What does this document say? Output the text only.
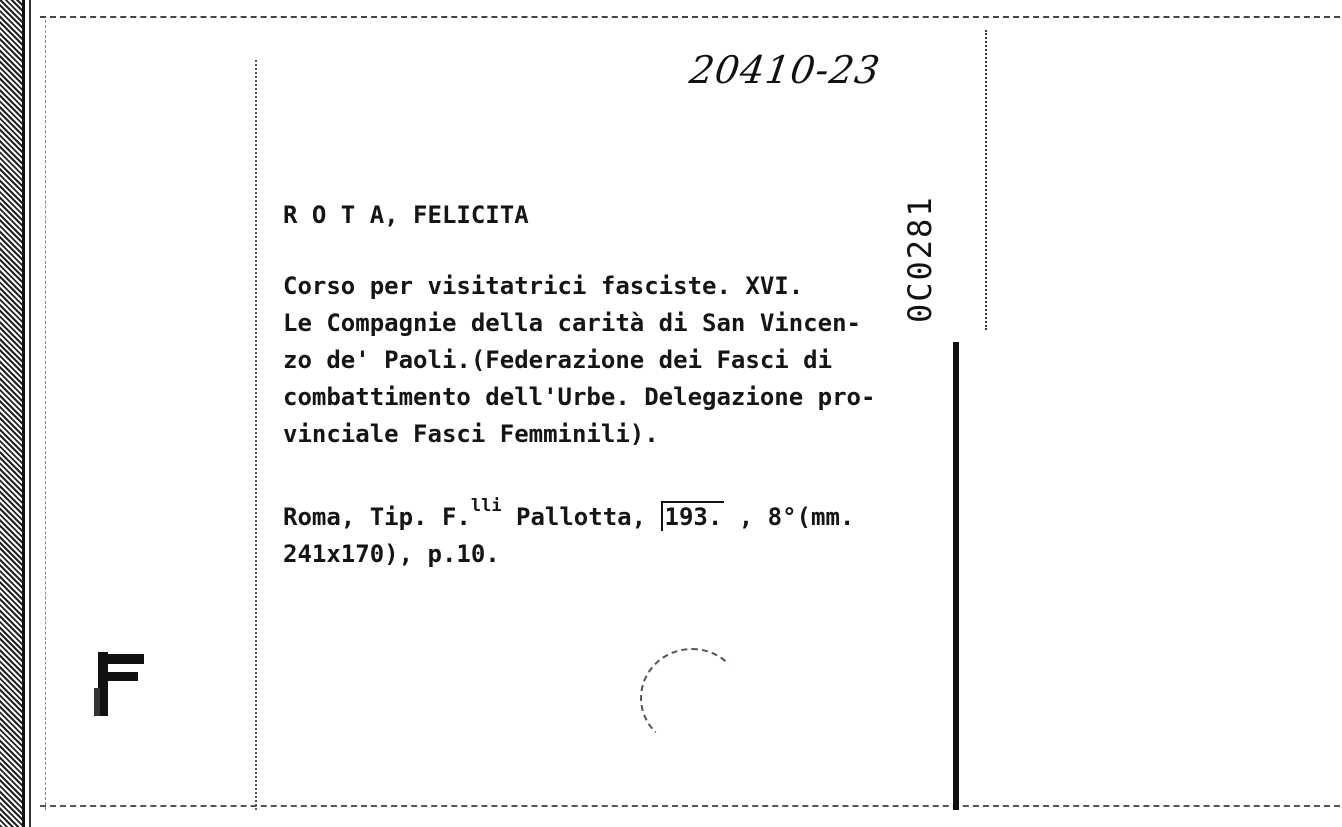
20410-23
0C0281
R O T A, FELICITA
Corso per visitatrici fasciste. XVI.
Le Compagnie della carità di San Vincen-
zo de' Paoli.(Federazione dei Fasci di
combattimento dell'Urbe. Delegazione pro-
vinciale Fasci Femminili).
Roma, Tip. F.$^{lli}$ Pallotta, 193. , 8°(mm.
241x170), p.10.
